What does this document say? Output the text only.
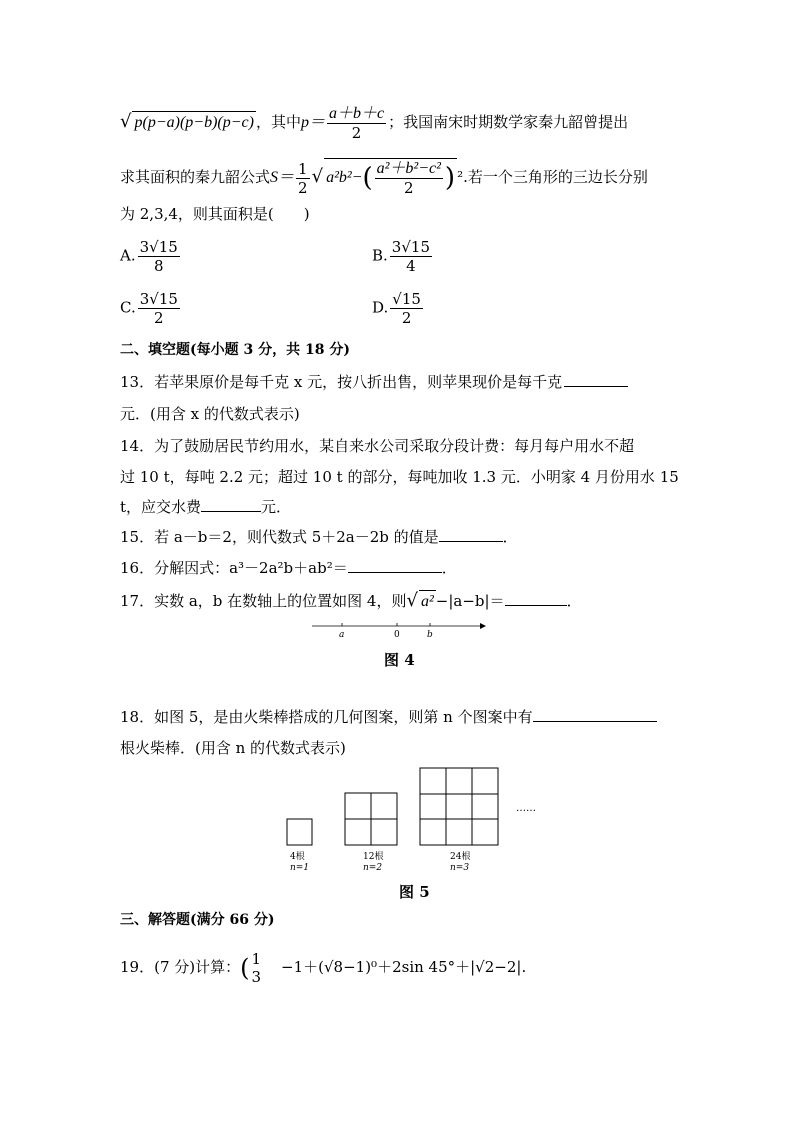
√ p(p−a)(p−b)(p−c) ，其中$p= \frac{a+b+c}{2}$ ；我国南宋时期数学家秦九韶曾提出
求其面积的秦九韶公式$S= \frac{1}{2}$ √ $a^2b^2-( \frac{\text{a²＋b²−c²}}{2}$ ) ².若一个三角形的三边长分别
为 2,3,4，则其面积是(　　)
A. $\frac{3√15}{8}$	B. $\frac{3√15}{4}$
C. $\frac{3√15}{2}$	D. $\frac{√15}{2}$
二、填空题(每小题 3 分，共 18 分)
13．若苹果原价是每千克 x 元，按八折出售，则苹果现价是每千克
元．(用含 x 的代数式表示)
14．为了鼓励居民节约用水，某自来水公司采取分段计费：每月每户用水不超
过 10 t，每吨 2.2 元；超过 10 t 的部分，每吨加收 1.3 元．小明家 4 月份用水 15
t，应交水费	元．
15．若 a－b＝2，则代数式 5＋2a－2b 的值是	．
16．分解因式：a³－2a²b＋ab²＝	．
17．实数 a，b 在数轴上的位置如图 4，则√ a² −|a−b|＝	．
a	0	b
图 4
18．如图 5，是由火柴棒搭成的几何图案，则第 n 个图案中有
根火柴棒．(用含 n 的代数式表示)
……
4根
n=1
12根
n=2
24根
n=3
图 5
三、解答题(满分 66 分)
19．(7 分)计算：( 1
3
−1＋(√8−1)⁰＋2sin 45°＋|√2−2|.
